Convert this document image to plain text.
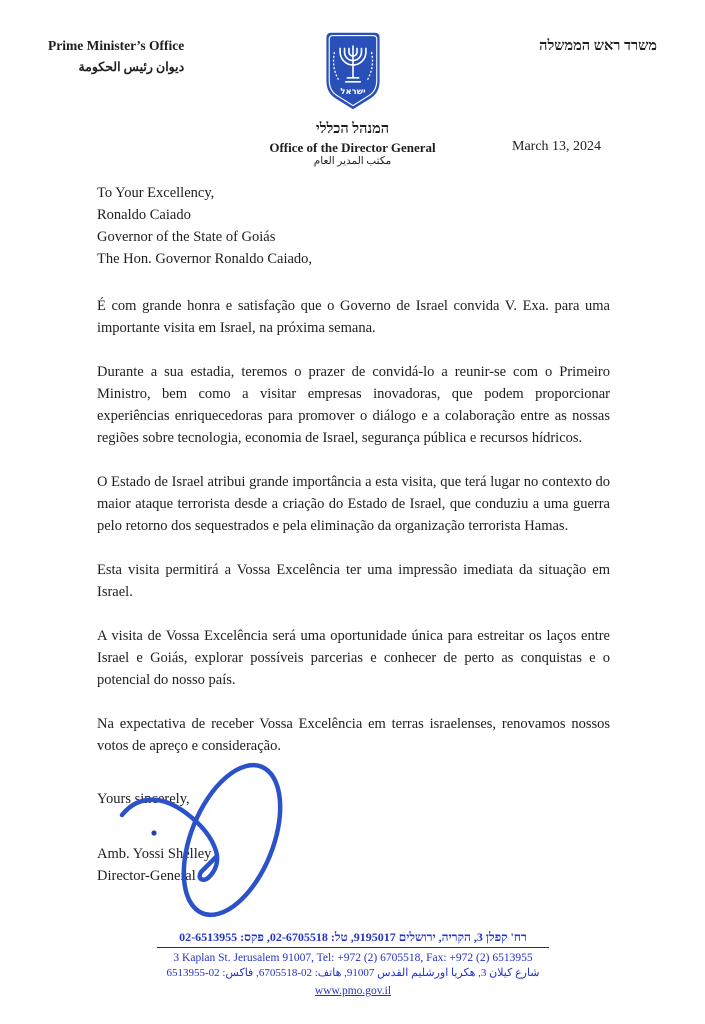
Prime Minister’s Office
ديوان رئيس الحكومة
משרד ראש הממשלה
ישראל
המנהל הכללי
Office of the Director General
مكتب المدير العام
March 13, 2024
To Your Excellency,
Ronaldo Caiado
Governor of the State of Goiás
The Hon. Governor Ronaldo Caiado,

É com grande honra e satisfação que o Governo de Israel convida V. Exa. para uma importante visita em Israel, na próxima semana.

Durante a sua estadia, teremos o prazer de convidá-lo a reunir-se com o Primeiro Ministro, bem como a visitar empresas inovadoras, que podem proporcionar experiências enriquecedoras para promover o diálogo e a colaboração entre as nossas regiões sobre tecnologia, economia de Israel, segurança pública e recursos hídricos.

O Estado de Israel atribui grande importância a esta visita, que terá lugar no contexto do maior ataque terrorista desde a criação do Estado de Israel, que conduziu a uma guerra pelo retorno dos sequestrados e pela eliminação da organização terrorista Hamas.

Esta visita permitirá a Vossa Excelência ter uma impressão imediata da situação em Israel.

A visita de Vossa Excelência será uma oportunidade única para estreitar os laços entre Israel e Goiás, explorar possíveis parcerias e conhecer de perto as conquistas e o potencial do nosso país.

Na expectativa de receber Vossa Excelência em terras israelenses, renovamos nossos votos de apreço e consideração.

Yours sincerely,
Amb. Yossi Shelley
Director-General
רח' קפלן 3, הקריה, ירושלים 9195017, טל: 02-6705518, פקס: 02-6513955
3 Kaplan St. Jerusalem 91007, Tel: +972 (2) 6705518, Fax: +972 (2) 6513955
شارع كيلان 3, هكريا اورشليم القدس 91007, هاتف: 02-6705518, فاكس: 02-6513955
www.pmo.gov.il
